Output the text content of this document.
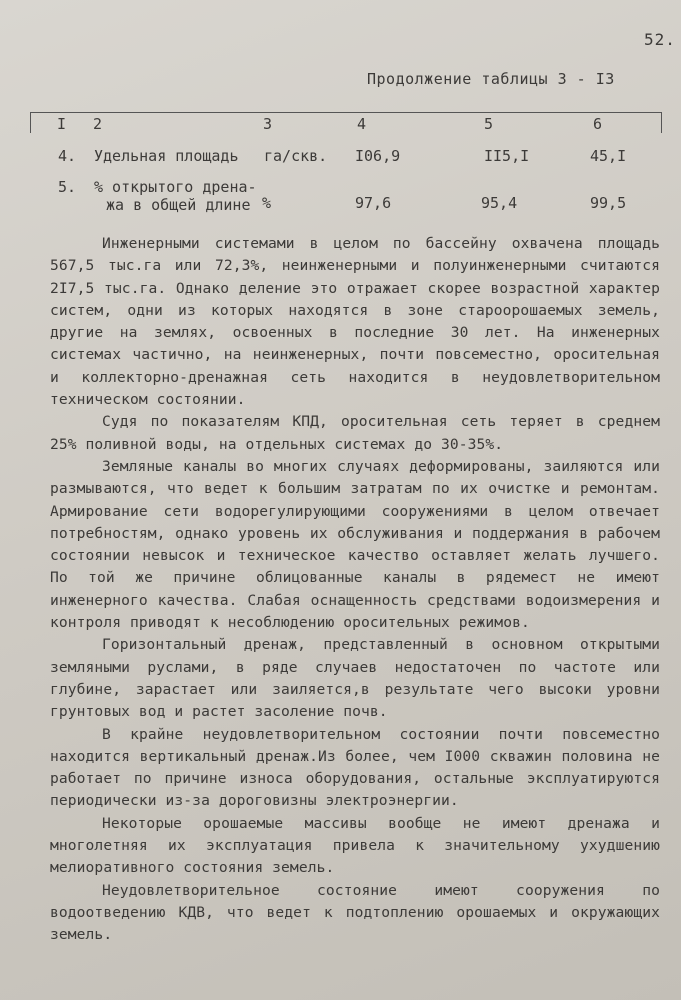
52.
Продолжение таблицы 3 - I3
I 2	3	4	5	6
4. Удельная площадь га/скв. I06,9	II5,I	45,I
5. % открытого дрена-
жа в общей длине %	97,6	95,4	99,5

Инженерными системами в целом по бассейну охвачена площадь 567,5 тыс.га или 72,3%, неинженерными и полуинженерными считаются 2I7,5 тыс.га. Однако деление это отражает скорее возрастной характер систем, одни из которых находятся в зоне староорошаемых земель, другие на землях, освоенных в последние 30 лет. На инженерных системах частично, на неинженерных, почти повсеместно, оросительная и коллекторно-дренажная сеть находится в неудовлетворительном техническом состоянии.

Судя по показателям КПД, оросительная сеть теряет в среднем 25% поливной воды, на отдельных системах до 30-35%.

Земляные каналы во многих случаях деформированы, заиляются или размываются, что ведет к большим затратам по их очистке и ремонтам. Армирование сети водорегулирующими сооружениями в целом отвечает потребностям, однако уровень их обслуживания и поддержания в рабочем состоянии невысок и техническое качество оставляет желать лучшего. По той же причине облицованные каналы в рядемест не имеют инженерного качества. Слабая оснащенность средствами водоизмерения и контроля приводят к несоблюдению оросительных режимов.

Горизонтальный дренаж, представленный в основном открытыми земляными руслами, в ряде случаев недостаточен по частоте или глубине, зарастает или заиляется,в результате чего высоки уровни грунтовых вод и растет засоление почв.

В крайне неудовлетворительном состоянии почти повсеместно находится вертикальный дренаж.Из более, чем I000 скважин половина не работает по причине износа оборудования, остальные эксплуатируются периодически из-за дороговизны электроэнергии.

Некоторые орошаемые массивы вообще не имеют дренажа и многолетняя их эксплуатация привела к значительному ухудшению мелиоративного состояния земель.

Неудовлетворительное состояние имеют сооружения по водоотведению КДВ, что ведет к подтоплению орошаемых и окружающих земель.
